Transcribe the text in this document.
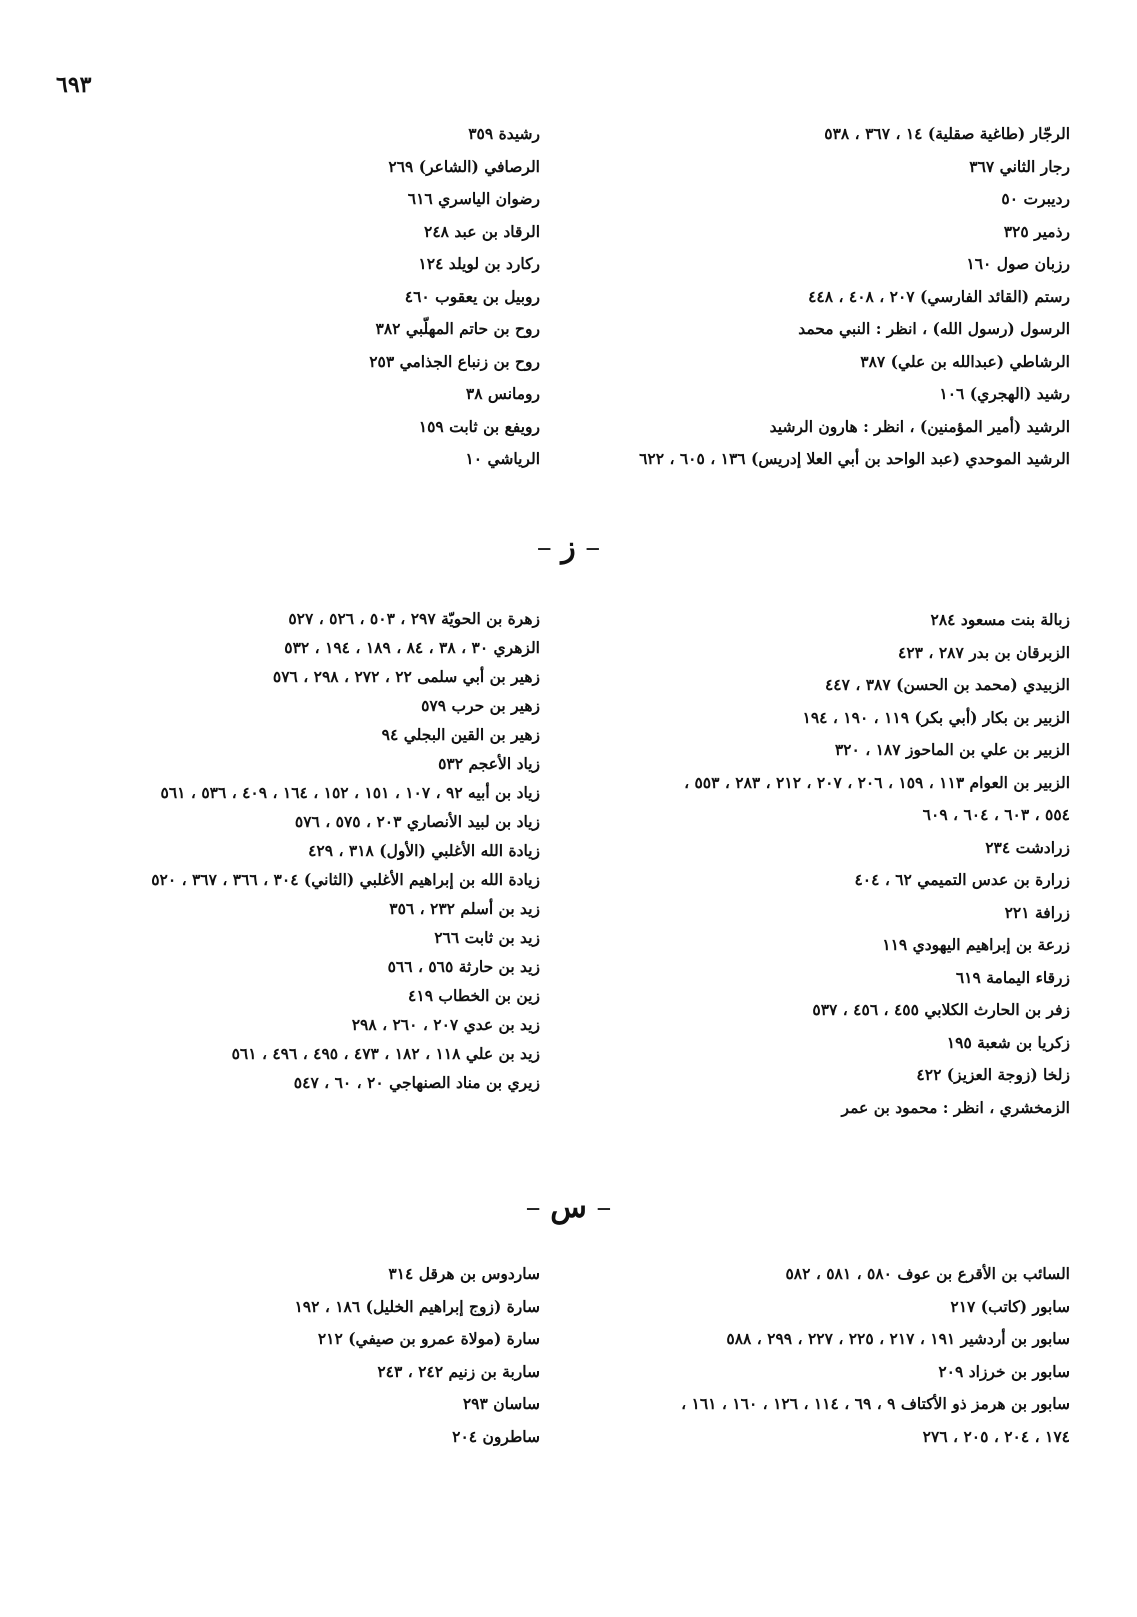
٦٩٣
الرجّار (طاغية صقلية) ١٤ ، ٣٦٧ ، ٥٣٨
رجار الثاني ٣٦٧
رديبرت ٥٠
رذمير ٣٢٥
رزبان صول ١٦٠
رستم (القائد الفارسي) ٢٠٧ ، ٤٠٨ ، ٤٤٨
الرسول (رسول الله) ، انظر : النبي محمد
الرشاطي (عبدالله بن علي) ٣٨٧
رشيد (الهجري) ١٠٦
الرشيد (أمير المؤمنين) ، انظر : هارون الرشيد
الرشيد الموحدي (عبد الواحد بن أبي العلا إدريس) ١٣٦ ، ٦٠٥ ، ٦٢٢
رشيدة ٣٥٩
الرصافي (الشاعر) ٢٦٩
رضوان الياسري ٦١٦
الرقاد بن عبد ٢٤٨
ركارد بن لويلد ١٢٤
روبيل بن يعقوب ٤٦٠
روح بن حاتم المهلّبي ٣٨٢
روح بن زنباع الجذامي ٢٥٣
رومانس ٣٨
رويفع بن ثابت ١٥٩
الرياشي ١٠
– ز –
زبالة بنت مسعود ٢٨٤
الزبرقان بن بدر ٢٨٧ ، ٤٢٣
الزبيدي (محمد بن الحسن) ٣٨٧ ، ٤٤٧
الزبير بن بكار (أبي بكر) ١١٩ ، ١٩٠ ، ١٩٤
الزبير بن علي بن الماحوز ١٨٧ ، ٣٢٠
الزبير بن العوام ١١٣ ، ١٥٩ ، ٢٠٦ ، ٢٠٧ ، ٢١٢ ، ٢٨٣ ، ٥٥٣ ،
٥٥٤ ، ٦٠٣ ، ٦٠٤ ، ٦٠٩
زرادشت ٢٣٤
زرارة بن عدس التميمي ٦٢ ، ٤٠٤
زرافة ٢٢١
زرعة بن إبراهيم اليهودي ١١٩
زرقاء اليمامة ٦١٩
زفر بن الحارث الكلابي ٤٥٥ ، ٤٥٦ ، ٥٣٧
زكريا بن شعبة ١٩٥
زلخا (زوجة العزيز) ٤٢٢
الزمخشري ، انظر : محمود بن عمر
زهرة بن الحويّة ٢٩٧ ، ٥٠٣ ، ٥٢٦ ، ٥٢٧
الزهري ٣٠ ، ٣٨ ، ٨٤ ، ١٨٩ ، ١٩٤ ، ٥٣٢
زهير بن أبي سلمى ٢٢ ، ٢٧٢ ، ٢٩٨ ، ٥٧٦
زهير بن حرب ٥٧٩
زهير بن القين البجلي ٩٤
زياد الأعجم ٥٣٢
زياد بن أبيه ٩٢ ، ١٠٧ ، ١٥١ ، ١٥٢ ، ١٦٤ ، ٤٠٩ ، ٥٣٦ ، ٥٦١
زياد بن لبيد الأنصاري ٢٠٣ ، ٥٧٥ ، ٥٧٦
زيادة الله الأغلبي (الأول) ٣١٨ ، ٤٢٩
زيادة الله بن إبراهيم الأغلبي (الثاني) ٣٠٤ ، ٣٦٦ ، ٣٦٧ ، ٥٢٠
زيد بن أسلم ٢٣٢ ، ٣٥٦
زيد بن ثابت ٢٦٦
زيد بن حارثة ٥٦٥ ، ٥٦٦
زين بن الخطاب ٤١٩
زيد بن عدي ٢٠٧ ، ٢٦٠ ، ٢٩٨
زيد بن علي ١١٨ ، ١٨٢ ، ٤٧٣ ، ٤٩٥ ، ٤٩٦ ، ٥٦١
زيري بن مناد الصنهاجي ٢٠ ، ٦٠ ، ٥٤٧
– س –
السائب بن الأقرع بن عوف ٥٨٠ ، ٥٨١ ، ٥٨٢
سابور (كاتب) ٢١٧
سابور بن أردشير ١٩١ ، ٢١٧ ، ٢٢٥ ، ٢٢٧ ، ٢٩٩ ، ٥٨٨
سابور بن خرزاد ٢٠٩
سابور بن هرمز ذو الأكتاف ٩ ، ٦٩ ، ١١٤ ، ١٢٦ ، ١٦٠ ، ١٦١ ،
١٧٤ ، ٢٠٤ ، ٢٠٥ ، ٢٧٦
ساردوس بن هرقل ٣١٤
سارة (زوج إبراهيم الخليل) ١٨٦ ، ١٩٢
سارة (مولاة عمرو بن صيفي) ٢١٢
ساربة بن زنيم ٢٤٢ ، ٢٤٣
ساسان ٢٩٣
ساطرون ٢٠٤
